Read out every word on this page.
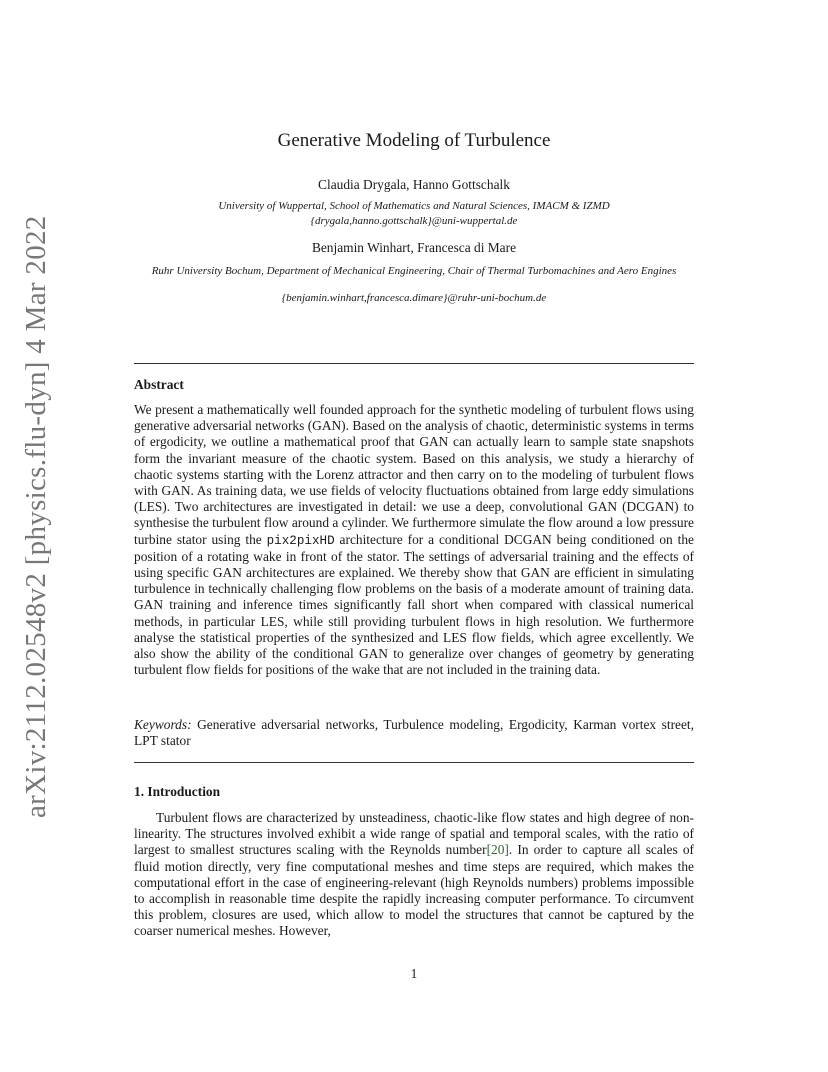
arXiv:2112.02548v2 [physics.flu-dyn] 4 Mar 2022
Generative Modeling of Turbulence
Claudia Drygala, Hanno Gottschalk
University of Wuppertal, School of Mathematics and Natural Sciences, IMACM & IZMD
{drygala,hanno.gottschalk}@uni-wuppertal.de
Benjamin Winhart, Francesca di Mare
Ruhr University Bochum, Department of Mechanical Engineering, Chair of Thermal Turbomachines and Aero Engines
{benjamin.winhart,francesca.dimare}@ruhr-uni-bochum.de
Abstract

We present a mathematically well founded approach for the synthetic modeling of turbulent flows using generative adversarial networks (GAN). Based on the analysis of chaotic, deterministic systems in terms of ergodicity, we outline a mathematical proof that GAN can actually learn to sample state snapshots form the invariant measure of the chaotic system. Based on this analysis, we study a hierarchy of chaotic systems starting with the Lorenz attractor and then carry on to the modeling of turbulent flows with GAN. As training data, we use fields of velocity fluctuations obtained from large eddy simulations (LES). Two architectures are investigated in detail: we use a deep, convolutional GAN (DCGAN) to synthesise the turbulent flow around a cylinder. We furthermore simulate the flow around a low pressure turbine stator using the pix2pixHD architecture for a conditional DCGAN being conditioned on the position of a rotating wake in front of the stator. The settings of adversarial training and the effects of using specific GAN architectures are explained. We thereby show that GAN are efficient in simulating turbulence in technically challenging flow problems on the basis of a moderate amount of training data. GAN training and inference times significantly fall short when compared with classical numerical methods, in particular LES, while still providing turbulent flows in high resolution. We furthermore analyse the statistical properties of the synthesized and LES flow fields, which agree excellently. We also show the ability of the conditional GAN to generalize over changes of geometry by generating turbulent flow fields for positions of the wake that are not included in the training data.

Keywords: Generative adversarial networks, Turbulence modeling, Ergodicity, Karman vortex street, LPT stator

1. Introduction

Turbulent flows are characterized by unsteadiness, chaotic-like flow states and high degree of non-linearity. The structures involved exhibit a wide range of spatial and temporal scales, with the ratio of largest to smallest structures scaling with the Reynolds number[20]. In order to capture all scales of fluid motion directly, very fine computational meshes and time steps are required, which makes the computational effort in the case of engineering-relevant (high Reynolds numbers) problems impossible to accomplish in reasonable time despite the rapidly increasing computer performance. To circumvent this problem, closures are used, which allow to model the structures that cannot be captured by the coarser numerical meshes. However,

1
